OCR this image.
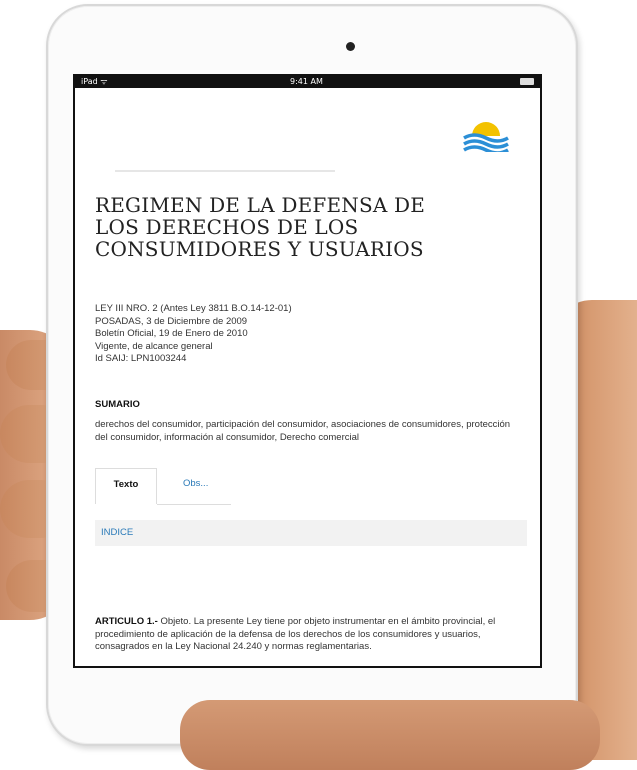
iPad ᯤ	9:41 AM
REGIMEN DE LA DEFENSA DE LOS DERECHOS DE LOS CONSUMIDORES Y USUARIOS
LEY III NRO. 2 (Antes Ley 3811 B.O.14-12-01)
POSADAS, 3 de Diciembre de 2009
Boletín Oficial, 19 de Enero de 2010
Vigente, de alcance general
Id SAIJ: LPN1003244
SUMARIO
derechos del consumidor, participación del consumidor, asociaciones de consumidores, protección del consumidor, información al consumidor, Derecho comercial
Texto	Obs...
INDICE
ARTICULO 1.- Objeto. La presente Ley tiene por objeto instrumentar en el ámbito provincial, el procedimiento de aplicación de la defensa de los derechos de los consumidores y usuarios, consagrados en la Ley Nacional 24.240 y normas reglamentarias.
